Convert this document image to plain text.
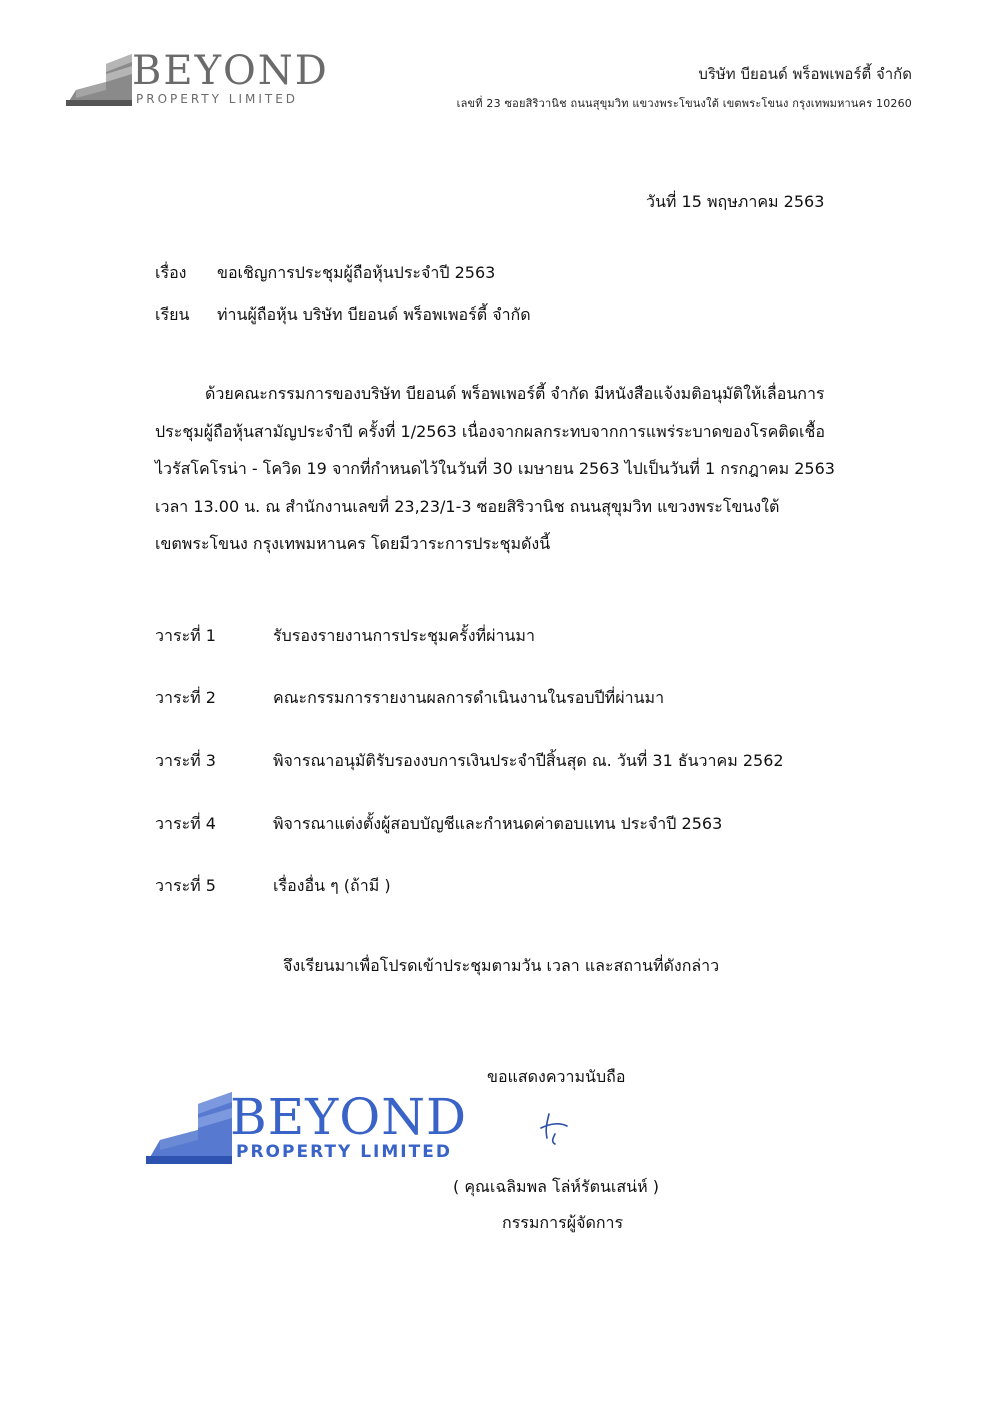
BEYOND
PROPERTY LIMITED
บริษัท บียอนด์ พร็อพเพอร์ตี้ จำกัด
เลขที่ 23 ซอยสิริวานิช ถนนสุขุมวิท แขวงพระโขนงใต้ เขตพระโขนง กรุงเทพมหานคร 10260
วันที่ 15 พฤษภาคม 2563
เรื่อง ขอเชิญการประชุมผู้ถือหุ้นประจำปี 2563
เรียน ท่านผู้ถือหุ้น บริษัท บียอนด์ พร็อพเพอร์ตี้ จำกัด
ด้วยคณะกรรมการของบริษัท บียอนด์ พร็อพเพอร์ตี้ จำกัด มีหนังสือแจ้งมติอนุมัติให้เลื่อนการ
ประชุมผู้ถือหุ้นสามัญประจำปี ครั้งที่ 1/2563 เนื่องจากผลกระทบจากการแพร่ระบาดของโรคติดเชื้อ
ไวรัสโคโรน่า - โควิด 19 จากที่กำหนดไว้ในวันที่ 30 เมษายน 2563 ไปเป็นวันที่ 1 กรกฎาคม 2563
เวลา 13.00 น. ณ สำนักงานเลขที่ 23,23/1-3 ซอยสิริวานิช ถนนสุขุมวิท แขวงพระโขนงใต้
เขตพระโขนง กรุงเทพมหานคร โดยมีวาระการประชุมดังนี้
วาระที่ 1	รับรองรายงานการประชุมครั้งที่ผ่านมา
วาระที่ 2	คณะกรรมการรายงานผลการดำเนินงานในรอบปีที่ผ่านมา
วาระที่ 3	พิจารณาอนุมัติรับรองงบการเงินประจำปีสิ้นสุด ณ. วันที่ 31 ธันวาคม 2562
วาระที่ 4	พิจารณาแต่งตั้งผู้สอบบัญชีและกำหนดค่าตอบแทน ประจำปี 2563
วาระที่ 5	เรื่องอื่น ๆ (ถ้ามี )
จึงเรียนมาเพื่อโปรดเข้าประชุมตามวัน เวลา และสถานที่ดังกล่าว
ขอแสดงความนับถือ
BEYOND
PROPERTY LIMITED
( คุณเฉลิมพล โล่ห์รัตนเสน่ห์ )
กรรมการผู้จัดการ
